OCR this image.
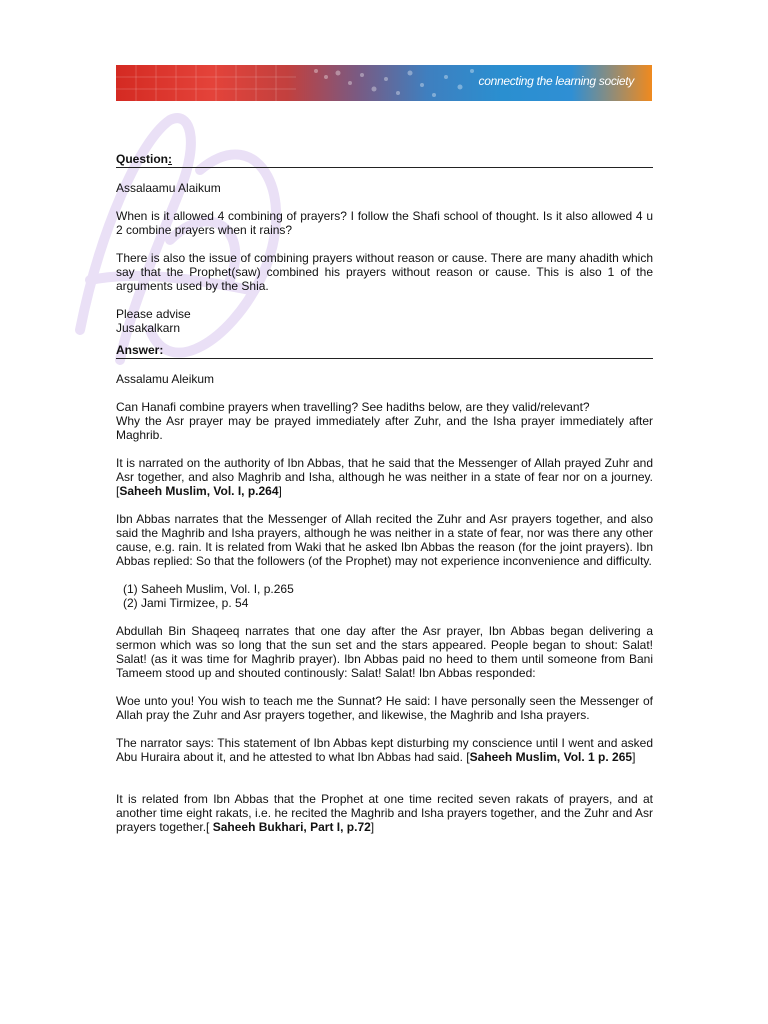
connecting the learning society
Question:

Assalaamu Alaikum

When is it allowed 4 combining of prayers? I follow the Shafi school of thought. Is it also allowed 4 u 2 combine prayers when it rains?

There is also the issue of combining prayers without reason or cause. There are many ahadith which say that the Prophet(saw) combined his prayers without reason or cause. This is also 1 of the arguments used by the Shia.

Please advise
Jusakalkarn

Answer:

Assalamu Aleikum

Can Hanafi combine prayers when travelling? See hadiths below, are they valid/relevant?

Why the Asr prayer may be prayed immediately after Zuhr, and the Isha prayer immediately after Maghrib.

It is narrated on the authority of Ibn Abbas, that he said that the Messenger of Allah prayed Zuhr and Asr together, and also Maghrib and Isha, although he was neither in a state of fear nor on a journey. [Saheeh Muslim, Vol. I, p.264]

Ibn Abbas narrates that the Messenger of Allah recited the Zuhr and Asr prayers together, and also said the Maghrib and Isha prayers, although he was neither in a state of fear, nor was there any other cause, e.g. rain. It is related from Waki that he asked Ibn Abbas the reason (for the joint prayers). Ibn Abbas replied: So that the followers (of the Prophet) may not experience inconvenience and difficulty.

(1) Saheeh Muslim, Vol. I, p.265
(2) Jami Tirmizee, p. 54

Abdullah Bin Shaqeeq narrates that one day after the Asr prayer, Ibn Abbas began delivering a sermon which was so long that the sun set and the stars appeared. People began to shout: Salat! Salat! (as it was time for Maghrib prayer). Ibn Abbas paid no heed to them until someone from Bani Tameem stood up and shouted continously: Salat! Salat! Ibn Abbas responded:

Woe unto you! You wish to teach me the Sunnat? He said: I have personally seen the Messenger of Allah pray the Zuhr and Asr prayers together, and likewise, the Maghrib and Isha prayers.

The narrator says: This statement of Ibn Abbas kept disturbing my conscience until I went and asked Abu Huraira about it, and he attested to what Ibn Abbas had said. [Saheeh Muslim, Vol. 1 p. 265]

It is related from Ibn Abbas that the Prophet at one time recited seven rakats of prayers, and at another time eight rakats, i.e. he recited the Maghrib and Isha prayers together, and the Zuhr and Asr prayers together.[ Saheeh Bukhari, Part I, p.72]
